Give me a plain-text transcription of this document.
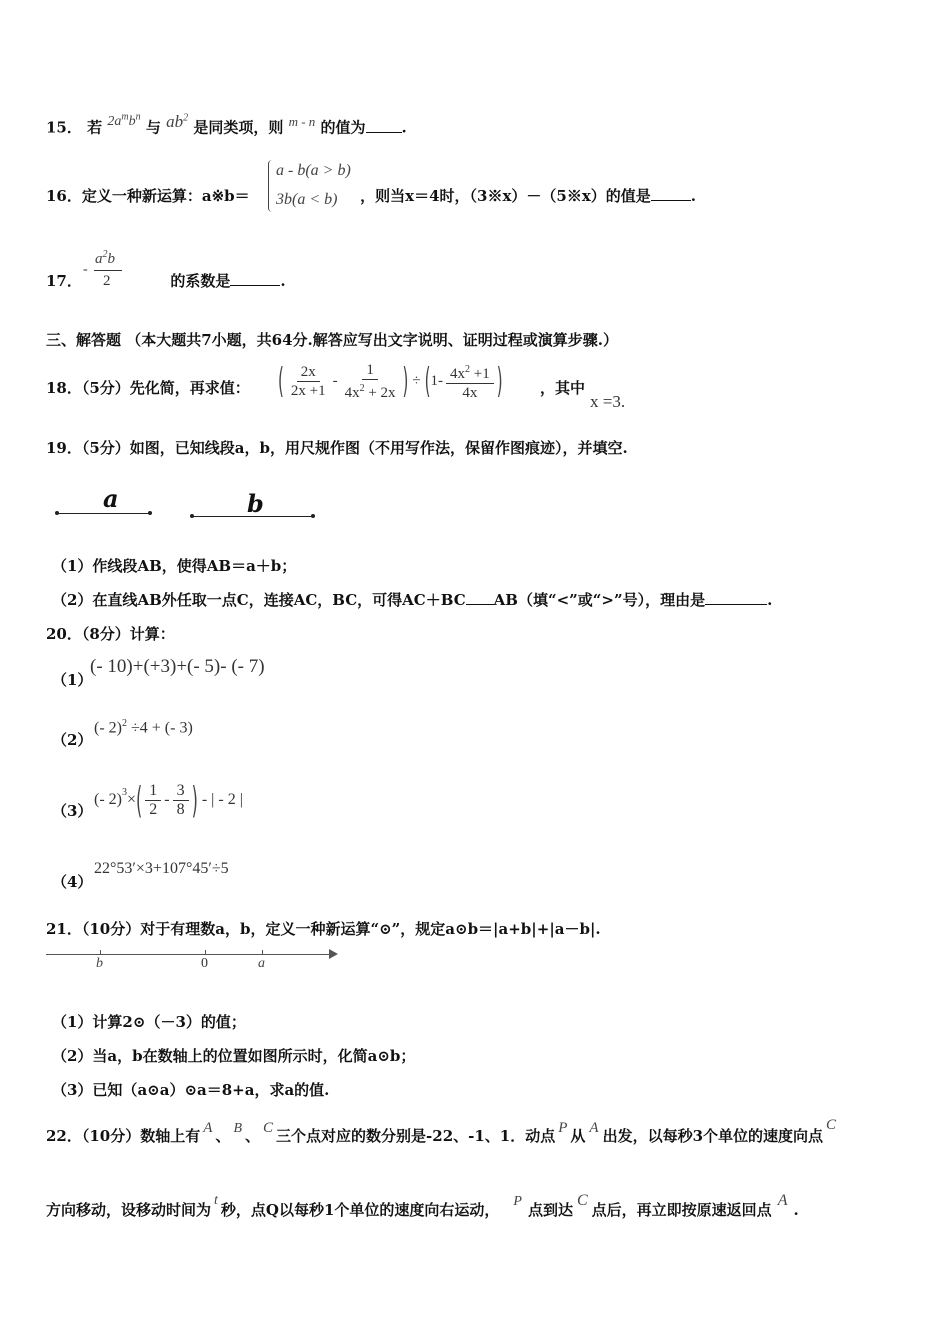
15． 若 $2a^mb^n$ 与 $ab^2$ 是同类项，则 m - n 的值为 .
16．定义一种新运算：a※b＝	，则当x＝4时，（3※x）－（5※x）的值是	.
a - b(a > b)
3b(a < b)
17．	的系数是	.
-
$a^2b$
2
三、解答题 （本大题共7小题，共64分.解答应写出文字说明、证明过程或演算步骤.）
18．（5分）先化简，再求值： ( $\frac{2x}{2x +1} - \frac{1}{4x^2 + 2x}$ ) ÷ ( $1- \frac{4x^2 +1}{4x}$ ) ，其中
x =3.
19．（5分）如图，已知线段a，b，用尺规作图（不用写作法，保留作图痕迹），并填空.
a	b
（1）作线段AB，使得AB＝a＋b；
（2）在直线AB外任取一点C，连接AC，BC，可得AC＋BC AB（填“<”或“>”号），理由是	.
20．（8分）计算：
（1）
(- 10)+(+3)+(- 5)- (- 7)
（2）
(- 2)$^2$ ÷4 + (- 3)
（3）
(- 2) 3 × ( $\frac{1}{2} - \frac{3}{8}$ ) - | - 2 |
（4）
22°53′×3+107°45′÷5
21．（10分）对于有理数a，b，定义一种新运算“⊙”，规定a⊙b＝|a+b|+|a－b|.
b	0	a
（1）计算2⊙（－3）的值；
（2）当a，b在数轴上的位置如图所示时，化简a⊙b；
（3）已知（a⊙a）⊙a＝8+a，求a的值.
22．（10分）数轴上有 A 、 B 、 C 三个点对应的数分别是-22、-1、1．动点 P 从 A 出发，以每秒3个单位的速度向点C
方向移动，设移动时间为t秒，点Q以每秒1个单位的速度向右运动， P 点到达C点后，再立即按原速返回点A.
